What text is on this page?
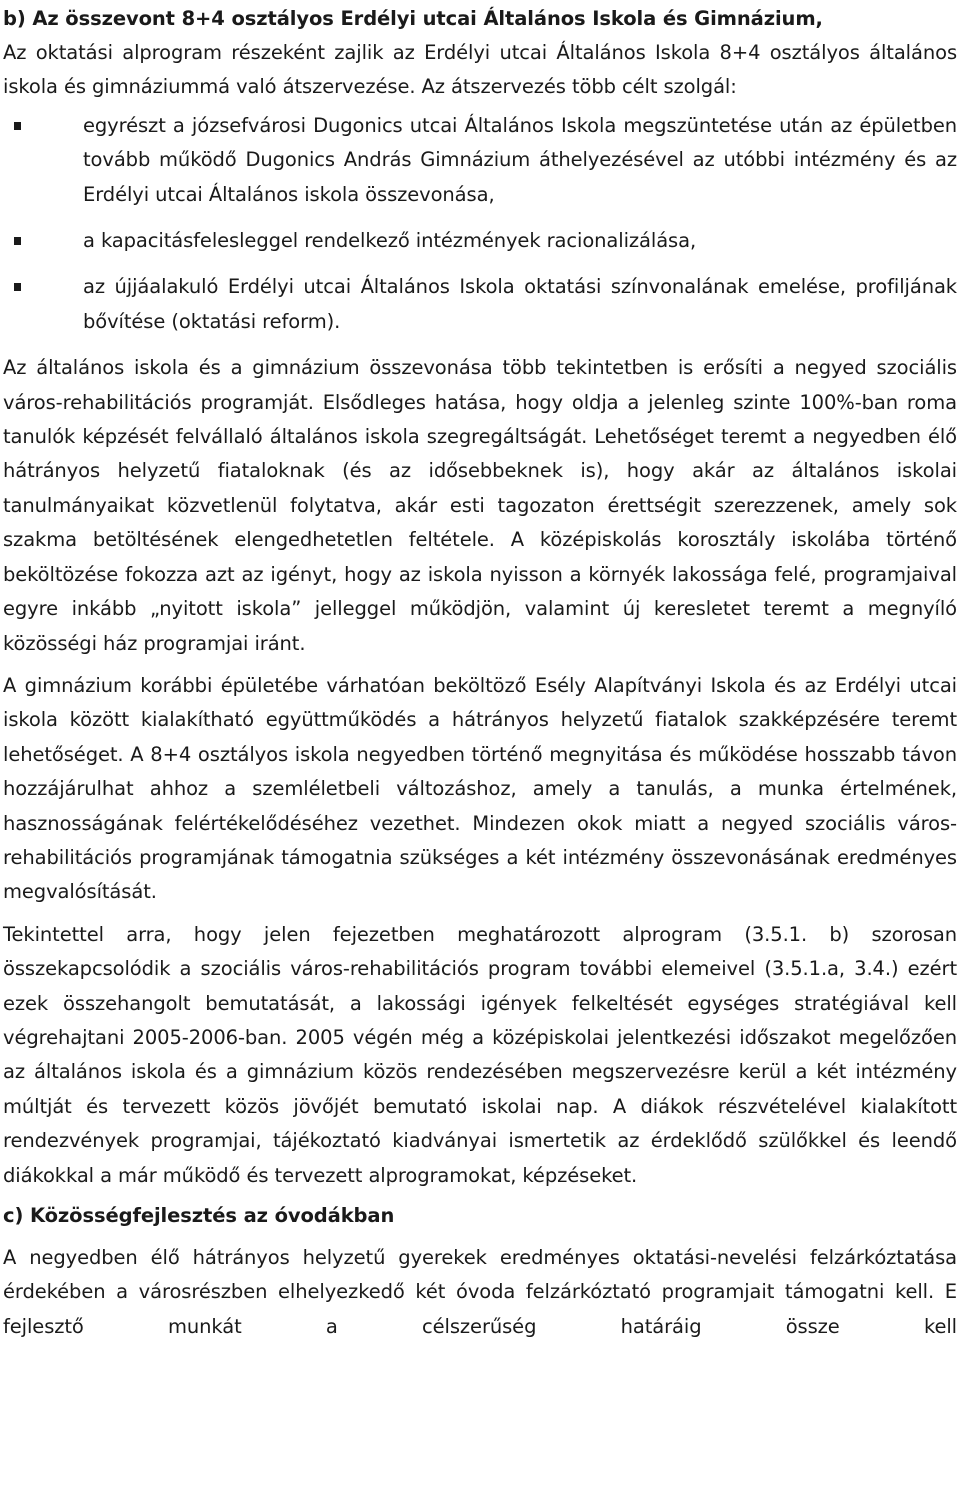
b) Az összevont 8+4 osztályos Erdélyi utcai Általános Iskola és Gimnázium,

Az oktatási alprogram részeként zajlik az Erdélyi utcai Általános Iskola 8+4 osztályos általános iskola és gimnáziummá való átszervezése. Az átszervezés több célt szolgál:

egyrészt a józsefvárosi Dugonics utcai Általános Iskola megszüntetése után az épületben tovább működő Dugonics András Gimnázium áthelyezésével az utóbbi intézmény és az Erdélyi utcai Általános iskola összevonása,
a kapacitásfelesleggel rendelkező intézmények racionalizálása,
az újjáalakuló Erdélyi utcai Általános Iskola oktatási színvonalának emelése, profiljának bővítése (oktatási reform).

Az általános iskola és a gimnázium összevonása több tekintetben is erősíti a negyed szociális város-rehabilitációs programját. Elsődleges hatása, hogy oldja a jelenleg szinte 100%-ban roma tanulók képzését felvállaló általános iskola szegregáltságát. Lehetőséget teremt a negyedben élő hátrányos helyzetű fiataloknak (és az idősebbeknek is), hogy akár az általános iskolai tanulmányaikat közvetlenül folytatva, akár esti tagozaton érettségit szerezzenek, amely sok szakma betöltésének elengedhetetlen feltétele. A középiskolás korosztály iskolába történő beköltözése fokozza azt az igényt, hogy az iskola nyisson a környék lakossága felé, programjaival egyre inkább „nyitott iskola” jelleggel működjön, valamint új keresletet teremt a megnyíló közösségi ház programjai iránt.

A gimnázium korábbi épületébe várhatóan beköltöző Esély Alapítványi Iskola és az Erdélyi utcai iskola között kialakítható együttműködés a hátrányos helyzetű fiatalok szakképzésére teremt lehetőséget. A 8+4 osztályos iskola negyedben történő megnyitása és működése hosszabb távon hozzájárulhat ahhoz a szemléletbeli változáshoz, amely a tanulás, a munka értelmének, hasznosságának felértékelődéséhez vezethet. Mindezen okok miatt a negyed szociális város-rehabilitációs programjának támogatnia szükséges a két intézmény összevonásának eredményes megvalósítását.

Tekintettel arra, hogy jelen fejezetben meghatározott alprogram (3.5.1. b) szorosan összekapcsolódik a szociális város-rehabilitációs program további elemeivel (3.5.1.a, 3.4.) ezért ezek összehangolt bemutatását, a lakossági igények felkeltését egységes stratégiával kell végrehajtani 2005-2006-ban. 2005 végén még a középiskolai jelentkezési időszakot megelőzően az általános iskola és a gimnázium közös rendezésében megszervezésre kerül a két intézmény múltját és tervezett közös jövőjét bemutató iskolai nap. A diákok részvételével kialakított rendezvények programjai, tájékoztató kiadványai ismertetik az érdeklődő szülőkkel és leendő diákokkal a már működő és tervezett alprogramokat, képzéseket.

c) Közösségfejlesztés az óvodákban

A negyedben élő hátrányos helyzetű gyerekek eredményes oktatási-nevelési felzárkóztatása érdekében a városrészben elhelyezkedő két óvoda felzárkóztató programjait támogatni kell. E fejlesztő munkát a célszerűség határáig össze kell
